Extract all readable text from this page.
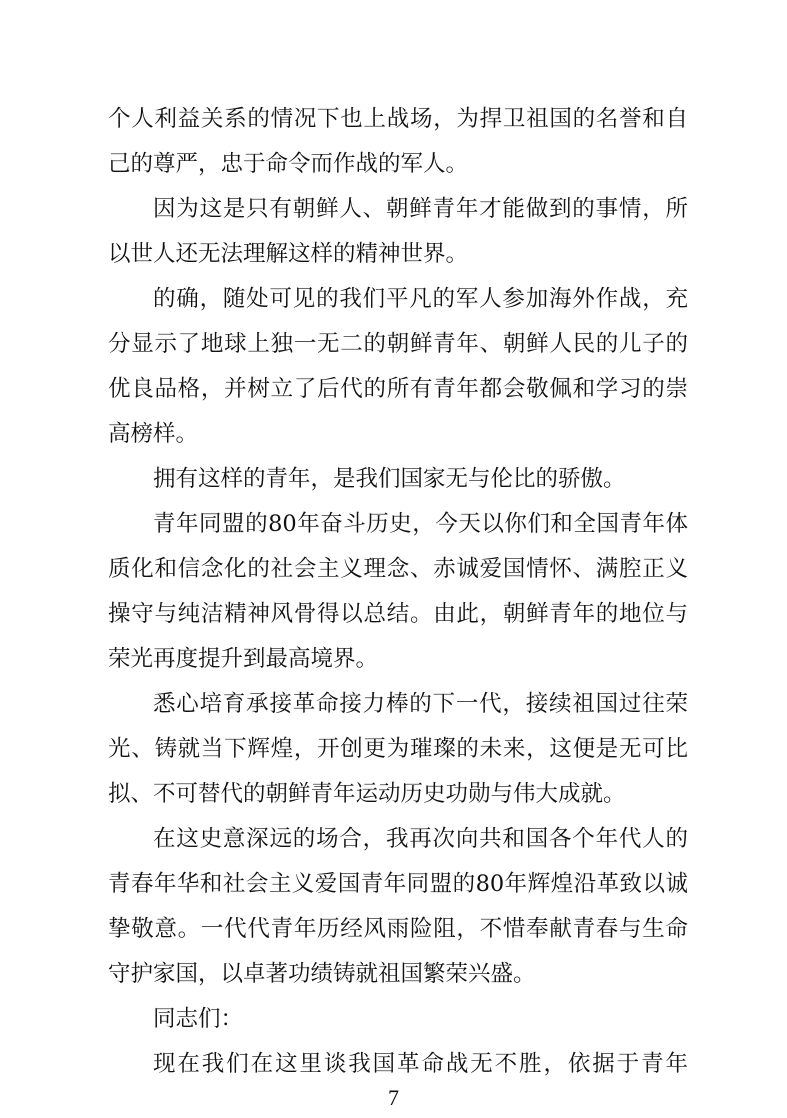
个人利益关系的情况下也上战场，为捍卫祖国的名誉和自
己的尊严，忠于命令而作战的军人。
因为这是只有朝鲜人、朝鲜青年才能做到的事情，所
以世人还无法理解这样的精神世界。
的确，随处可见的我们平凡的军人参加海外作战，充
分显示了地球上独一无二的朝鲜青年、朝鲜人民的儿子的
优良品格，并树立了后代的所有青年都会敬佩和学习的崇
高榜样。
拥有这样的青年，是我们国家无与伦比的骄傲。
青年同盟的80年奋斗历史，今天以你们和全国青年体
质化和信念化的社会主义理念、赤诚爱国情怀、满腔正义
操守与纯洁精神风骨得以总结。由此，朝鲜青年的地位与
荣光再度提升到最高境界。
悉心培育承接革命接力棒的下一代，接续祖国过往荣
光、铸就当下辉煌，开创更为璀璨的未来，这便是无可比
拟、不可替代的朝鲜青年运动历史功勋与伟大成就。
在这史意深远的场合，我再次向共和国各个年代人的
青春年华和社会主义爱国青年同盟的80年辉煌沿革致以诚
挚敬意。一代代青年历经风雨险阻，不惜奉献青春与生命
守护家国，以卓著功绩铸就祖国繁荣兴盛。
同志们：
现在我们在这里谈我国革命战无不胜，依据于青年
7
